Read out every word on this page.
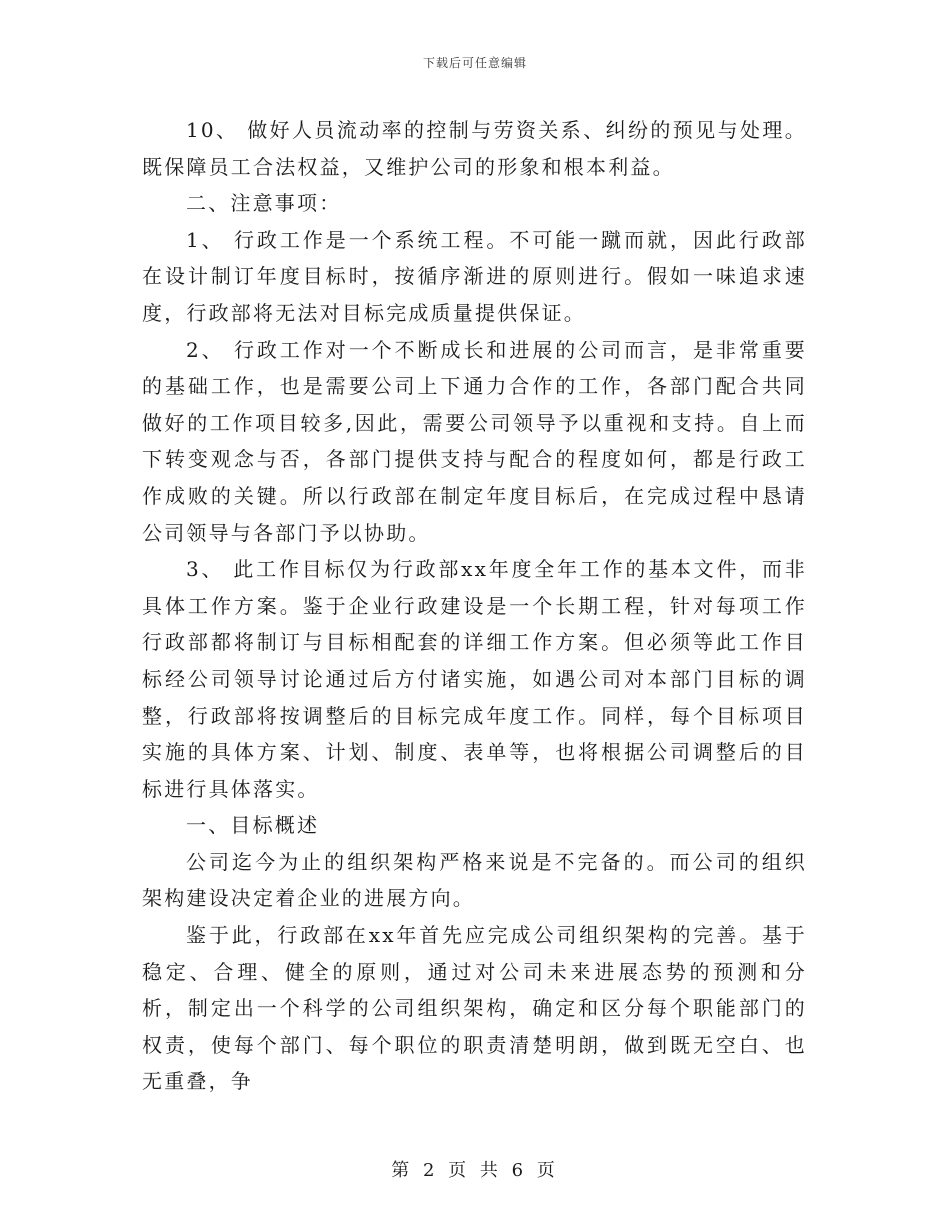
下载后可任意编辑

10、 做好人员流动率的控制与劳资关系、纠纷的预见与处理。既保障员工合法权益，又维护公司的形象和根本利益。

二、注意事项：

1、 行政工作是一个系统工程。不可能一蹴而就，因此行政部在设计制订年度目标时，按循序渐进的原则进行。假如一味追求速度，行政部将无法对目标完成质量提供保证。

2、 行政工作对一个不断成长和进展的公司而言，是非常重要的基础工作，也是需要公司上下通力合作的工作，各部门配合共同做好的工作项目较多,因此，需要公司领导予以重视和支持。自上而下转变观念与否，各部门提供支持与配合的程度如何，都是行政工作成败的关键。所以行政部在制定年度目标后，在完成过程中恳请公司领导与各部门予以协助。

3、 此工作目标仅为行政部xx年度全年工作的基本文件，而非具体工作方案。鉴于企业行政建设是一个长期工程，针对每项工作行政部都将制订与目标相配套的详细工作方案。但必须等此工作目标经公司领导讨论通过后方付诸实施，如遇公司对本部门目标的调整，行政部将按调整后的目标完成年度工作。同样，每个目标项目实施的具体方案、计划、制度、表单等，也将根据公司调整后的目标进行具体落实。

一、目标概述

公司迄今为止的组织架构严格来说是不完备的。而公司的组织架构建设决定着企业的进展方向。

鉴于此，行政部在xx年首先应完成公司组织架构的完善。基于稳定、合理、健全的原则，通过对公司未来进展态势的预测和分析，制定出一个科学的公司组织架构，确定和区分每个职能部门的权责，使每个部门、每个职位的职责清楚明朗，做到既无空白、也无重叠，争

第 2 页 共 6 页
